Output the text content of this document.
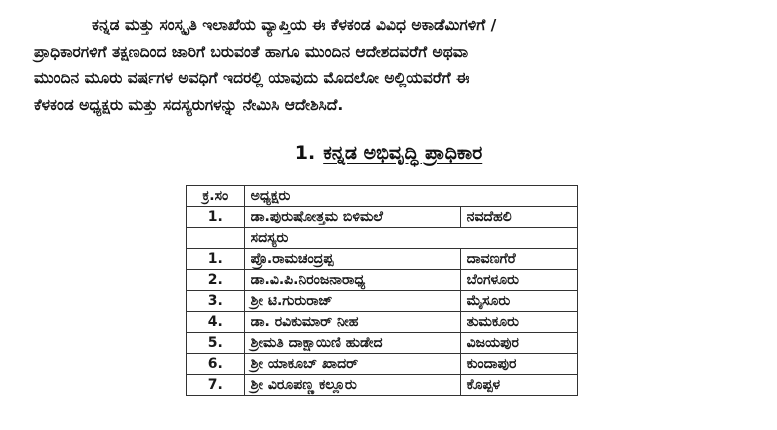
ಕನ್ನಡ ಮತ್ತು ಸಂಸ್ಕೃತಿ ಇಲಾಖೆಯ ವ್ಯಾಪ್ತಿಯ ಈ ಕೆಳಕಂಡ ವಿವಿಧ ಅಕಾಡೆಮಿಗಳಿಗೆ /
ಪ್ರಾಧಿಕಾರಗಳಿಗೆ ತಕ್ಷಣದಿಂದ ಜಾರಿಗೆ ಬರುವಂತೆ ಹಾಗೂ ಮುಂದಿನ ಆದೇಶದವರೆಗೆ ಅಥವಾ
ಮುಂದಿನ ಮೂರು ವರ್ಷಗಳ ಅವಧಿಗೆ ಇದರಲ್ಲಿ ಯಾವುದು ಮೊದಲೋ ಅಲ್ಲಿಯವರೆಗೆ ಈ
ಕೆಳಕಂಡ ಅಧ್ಯಕ್ಷರು ಮತ್ತು ಸದಸ್ಯರುಗಳನ್ನು ನೇಮಿಸಿ ಆದೇಶಿಸಿದೆ.
1. ಕನ್ನಡ ಅಭಿವೃದ್ಧಿ ಪ್ರಾಧಿಕಾರ
ಕ್ರ.ಸಂ	ಅಧ್ಯಕ್ಷರು	
1.	ಡಾ.ಪುರುಷೋತ್ತಮ ಬಿಳಿಮಲೆ	ನವದೆಹಲಿ
	ಸದಸ್ಯರು	
1.	ಪ್ರೊ.ರಾಮಚಂದ್ರಪ್ಪ	ದಾವಣಗೆರೆ
2.	ಡಾ.ವಿ.ಪಿ.ನಿರಂಜನಾರಾಧ್ಯ	ಬೆಂಗಳೂರು
3.	ಶ್ರೀ ಟಿ.ಗುರುರಾಜ್	ಮೈಸೂರು
4.	ಡಾ. ರವಿಕುಮಾರ್ ನೀಹ	ತುಮಕೂರು
5.	ಶ್ರೀಮತಿ ದಾಕ್ಷಾಯಿಣಿ ಹುಡೇದ	ವಿಜಯಪುರ
6.	ಶ್ರೀ ಯಾಕೂಬ್ ಖಾದರ್	ಕುಂದಾಪುರ
7.	ಶ್ರೀ ವಿರೂಪಣ್ಣ ಕಲ್ಲೂರು	ಕೊಪ್ಪಳ
